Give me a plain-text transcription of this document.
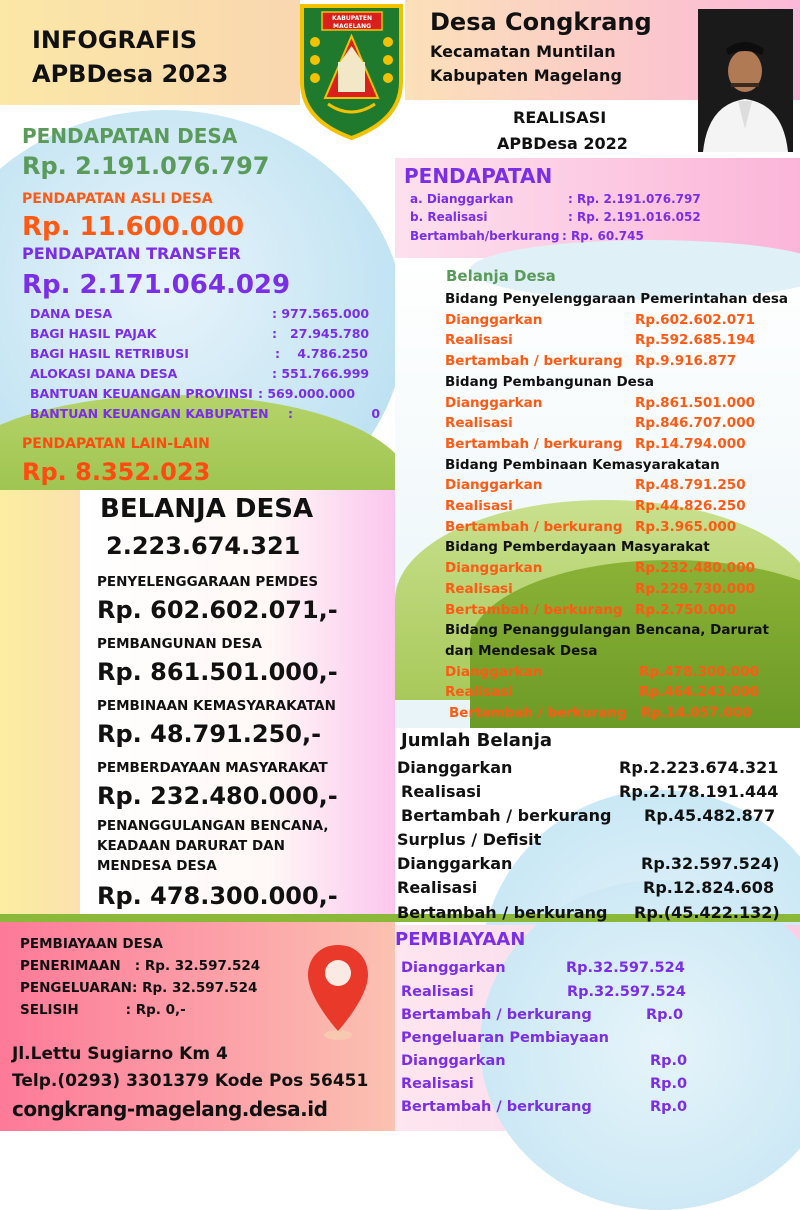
INFOGRAFIS
APBDesa 2023
KABUPATEN
MAGELANG Desa Congkrang
Kecamatan Muntilan
Kabupaten Magelang
REALISASI
APBDesa 2022
PENDAPATAN DESA
Rp. 2.191.076.797
PENDAPATAN ASLI DESA
Rp. 11.600.000
PENDAPATAN TRANSFER
Rp. 2.171.064.029
DANA DESA	: 977.565.000
BAGI HASIL PAJAK	:   27.945.780
BAGI HASIL RETRIBUSI	:    4.786.250
ALOKASI DANA DESA	: 551.766.999
BANTUAN KEUANGAN PROVINSI : 569.000.000
BANTUAN KEUANGAN KABUPATEN :                  0
PENDAPATAN LAIN-LAIN
Rp. 8.352.023
BELANJA DESA
2.223.674.321
PENYELENGGARAAN PEMDES
Rp. 602.602.071,-
PEMBANGUNAN DESA
Rp. 861.501.000,-
PEMBINAAN KEMASYARAKATAN
Rp. 48.791.250,-
PEMBERDAYAAN MASYARAKAT
Rp. 232.480.000,-
PENANGGULANGAN BENCANA,
KEADAAN DARURAT DAN
MENDESA DESA
Rp. 478.300.000,-
PEMBIAYAAN DESA
PENERIMAAN   : Rp. 32.597.524
PENGELUARAN: Rp. 32.597.524
SELISIH          : Rp. 0,-
Jl.Lettu Sugiarno Km 4
Telp.(0293) 3301379 Kode Pos 56451
congkrang-magelang.desa.id
PENDAPATAN
a. Dianggarkan	: Rp. 2.191.076.797
b. Realisasi	: Rp. 2.191.016.052
Bertambah/berkurang : Rp. 60.745
Belanja Desa
Bidang Penyelenggaraan Pemerintahan desa
Dianggarkan	Rp.602.602.071
Realisasi	Rp.592.685.194
Bertambah / berkurang Rp.9.916.877
Bidang Pembangunan Desa
Dianggarkan	Rp.861.501.000
Realisasi	Rp.846.707.000
Bertambah / berkurang Rp.14.794.000
Bidang Pembinaan Kemasyarakatan
Dianggarkan	Rp.48.791.250
Realisasi	Rp.44.826.250
Bertambah / berkurang Rp.3.965.000
Bidang Pemberdayaan Masyarakat
Dianggarkan	Rp.232.480.000
Realisasi	Rp.229.730.000
Bertambah / berkurang Rp.2.750.000
Bidang Penanggulangan Bencana, Darurat
dan Mendesak Desa
Dianggarkan	Rp.478.300.000
Realisasi	Rp.464.243.000
Bertambah / berkurang Rp.14.057.000
Jumlah Belanja
Dianggarkan	Rp.2.223.674.321
Realisasi	Rp.2.178.191.444
Bertambah / berkurang Rp.45.482.877
Surplus / Defisit
Dianggarkan	Rp.32.597.524)
Realisasi	Rp.12.824.608
Bertambah / berkurang Rp.(45.422.132)
PEMBIAYAAN
Dianggarkan	Rp.32.597.524
Realisasi	Rp.32.597.524
Bertambah / berkurang	Rp.0
Pengeluaran Pembiayaan
Dianggarkan	Rp.0
Realisasi	Rp.0
Bertambah / berkurang	Rp.0
